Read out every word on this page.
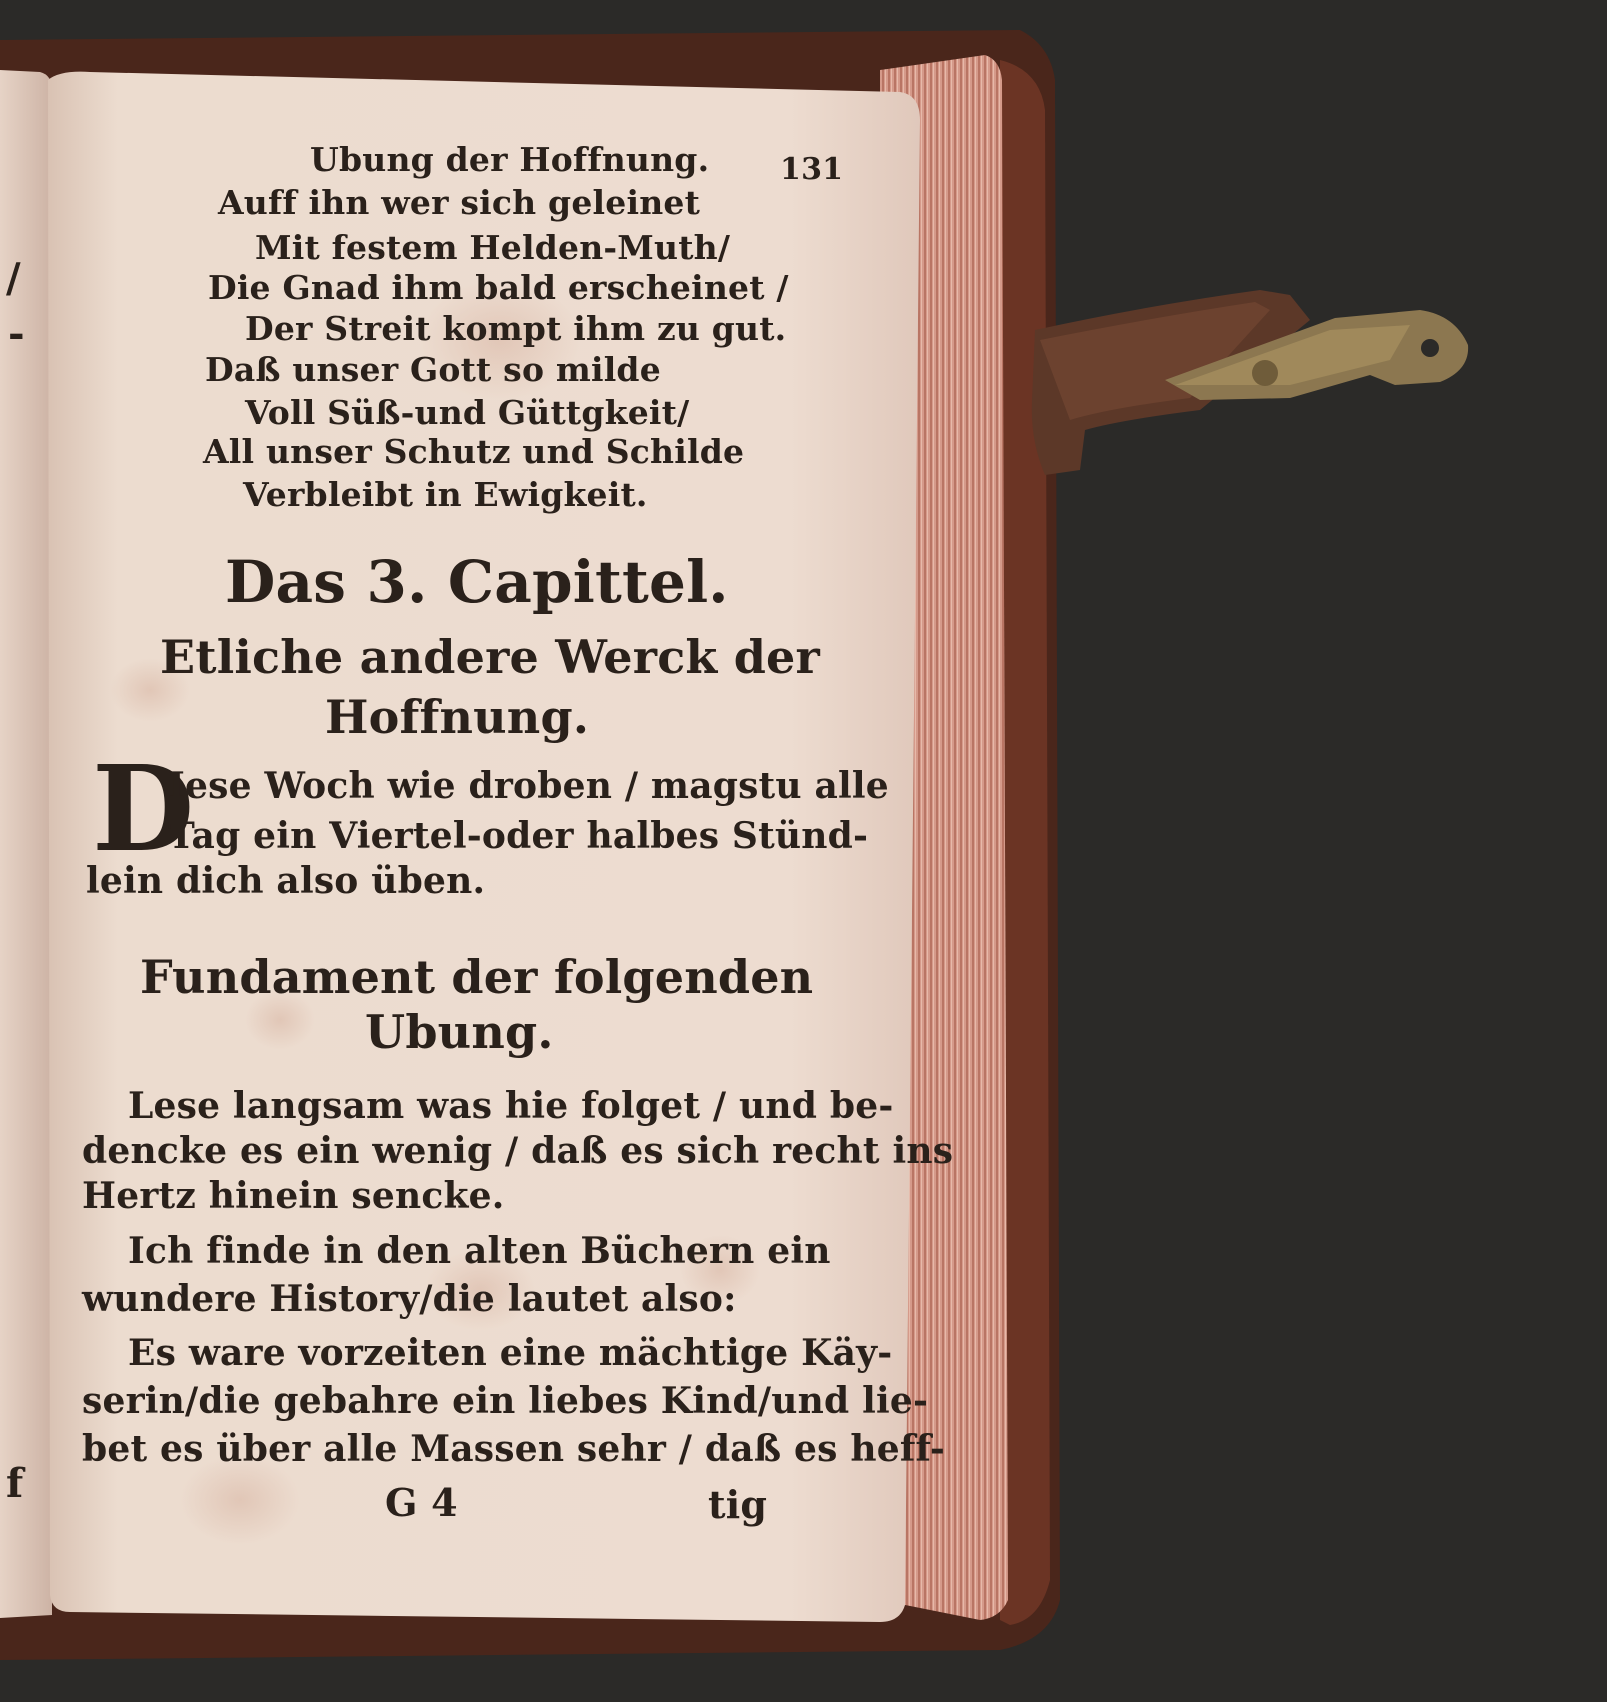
/
-
f
Ubung der Hoffnung. 131
Auff ihn wer sich geleinet
Mit festem Helden-Muth/
Die Gnad ihm bald erscheinet /
Der Streit kompt ihm zu gut.
Daß unser Gott so milde
Voll Süß-und Güttgkeit/
All unser Schutz und Schilde
Verbleibt in Ewigkeit.
Das 3. Capittel.
Etliche andere Werck der
Hoffnung.
D
Iese Woch wie droben / magstu alle
Tag ein Viertel-oder halbes Stünd-
lein dich also üben.
Fundament der folgenden
Ubung.
Lese langsam was hie folget / und be-
dencke es ein wenig / daß es sich recht ins
Hertz hinein sencke.
Ich finde in den alten Büchern ein
wundere History/die lautet also:
Es ware vorzeiten eine mächtige Käy-
serin/die gebahre ein liebes Kind/und lie-
bet es über alle Massen sehr / daß es heff-
G 4	tig
